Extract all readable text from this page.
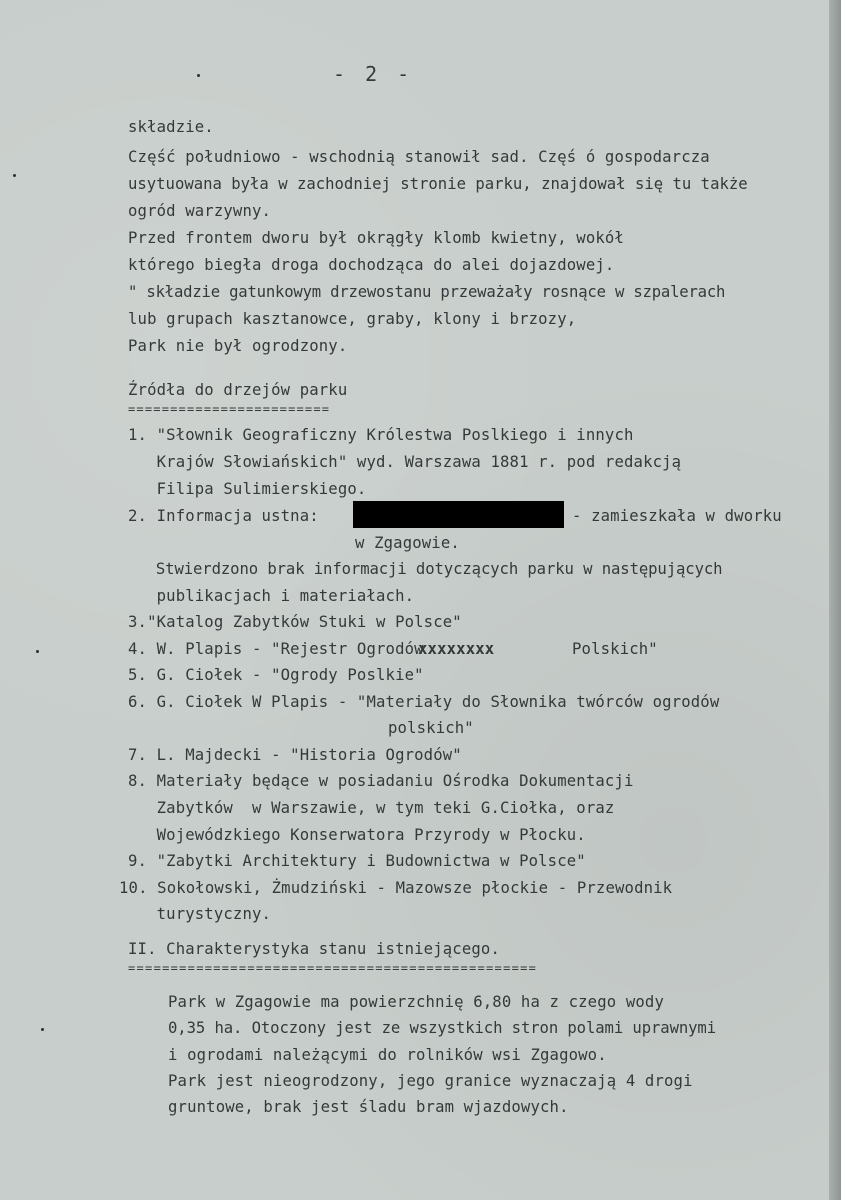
- 2 -
składzie.
Część południowo - wschodnią stanowił sad. Częś ó gospodarcza
usytuowana była w zachodniej stronie parku, znajdował się tu także
ogród warzywny.
Przed frontem dworu był okrągły klomb kwietny, wokół
którego biegła droga dochodząca do alei dojazdowej.
" składzie gatunkowym drzewostanu przeważały rosnące w szpalerach
lub grupach kasztanowce, graby, klony i brzozy,
Park nie był ogrodzony.
Źródła do drzejów parku
========================
1. "Słownik Geograficzny Królestwa Poslkiego i innych
Krajów Słowiańskich" wyd. Warszawa 1881 r. pod redakcją
Filipa Sulimierskiego.
2. Informacja ustna:	- zamieszkała w dworku
w Zgagowie.
Stwierdzono brak informacji dotyczących parku w następujących
publikacjach i materiałach.
3."Katalog Zabytków Stuki w Polsce"
4. W. Plapis - "Rejestr Ogrodów
xxxxxxxx	Polskich"
5. G. Ciołek - "Ogrody Poslkie"
6. G. Ciołek W Plapis - "Materiały do Słownika twórców ogrodów
polskich"
7. L. Majdecki - "Historia Ogrodów"
8. Materiały będące w posiadaniu Ośrodka Dokumentacji
Zabytków  w Warszawie, w tym teki G.Ciołka, oraz
Wojewódzkiego Konserwatora Przyrody w Płocku.
9. "Zabytki Architektury i Budownictwa w Polsce"
10. Sokołowski, Żmudziński - Mazowsze płockie - Przewodnik
turystyczny.
II. Charakterystyka stanu istniejącego.
================================================
Park w Zgagowie ma powierzchnię 6,80 ha z czego wody
0,35 ha. Otoczony jest ze wszystkich stron polami uprawnymi
i ogrodami należącymi do rolników wsi Zgagowo.
Park jest nieogrodzony, jego granice wyznaczają 4 drogi
gruntowe, brak jest śladu bram wjazdowych.
